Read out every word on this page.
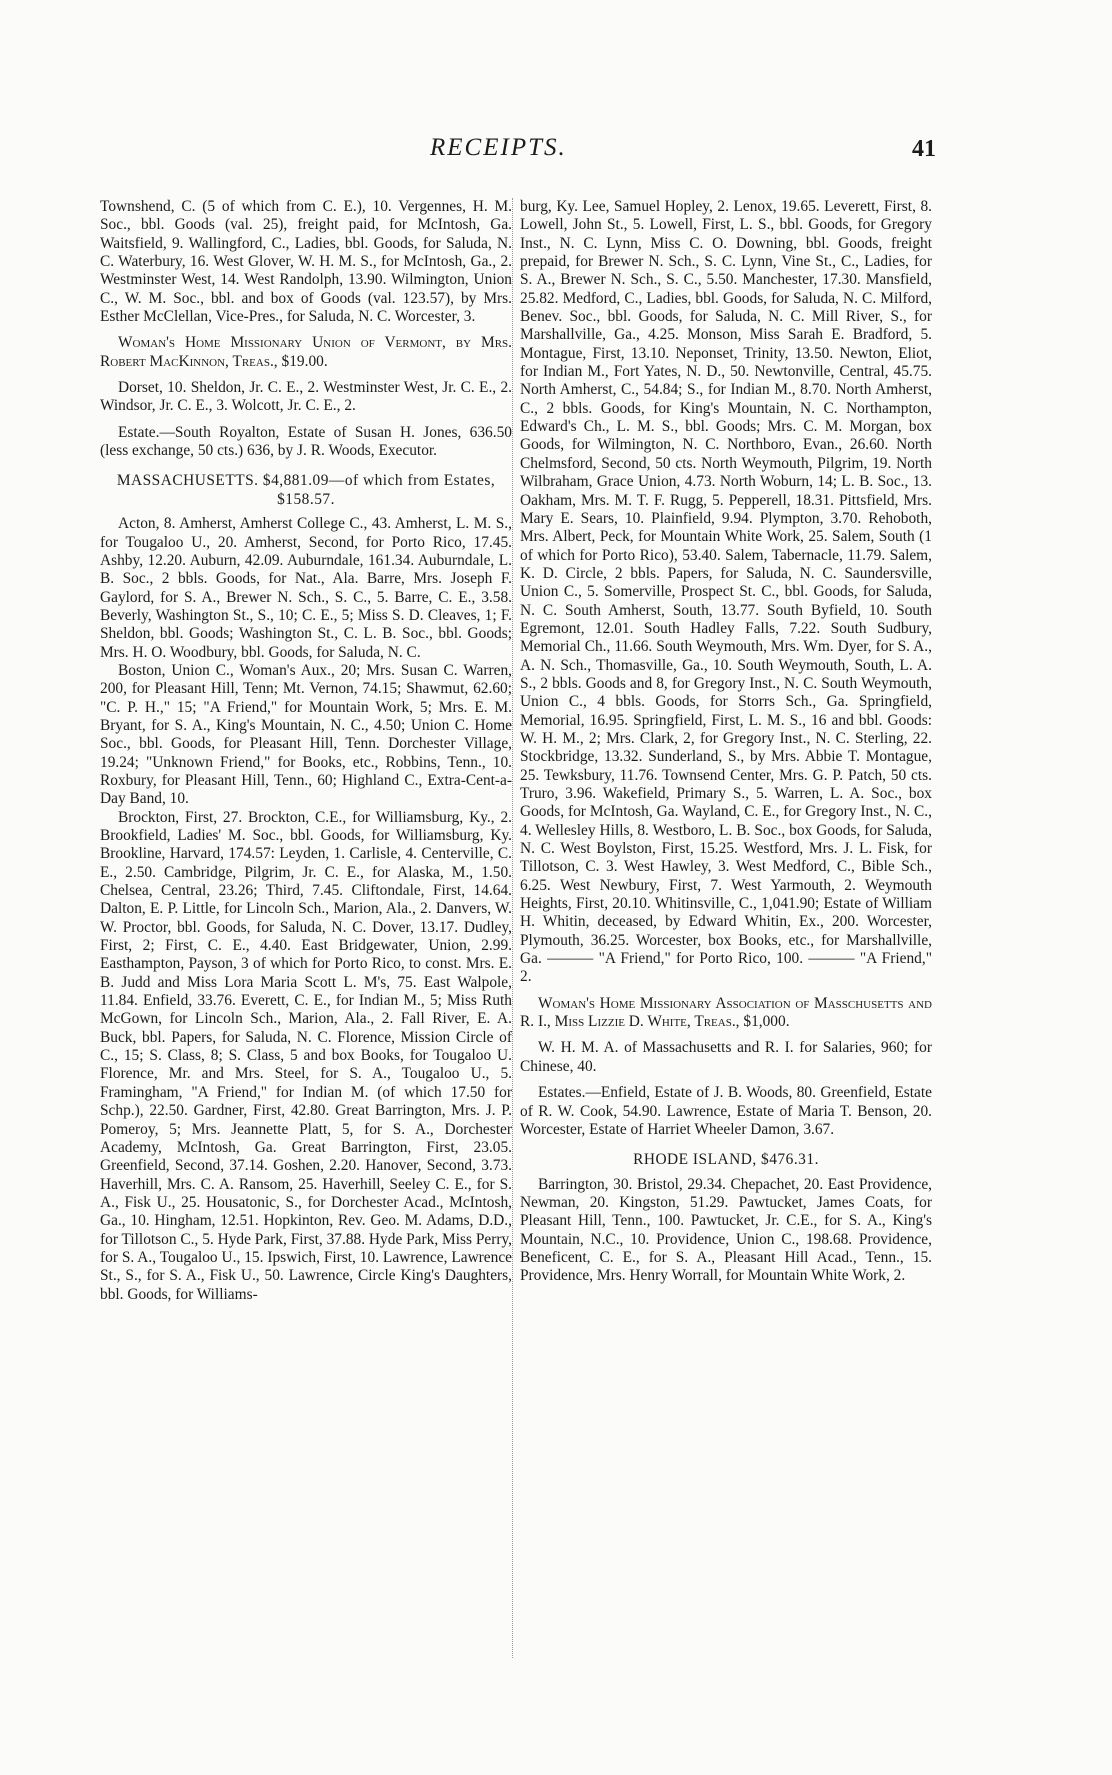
RECEIPTS.	41

Townshend, C. (5 of which from C. E.), 10. Vergennes, H. M. Soc., bbl. Goods (val. 25), freight paid, for McIntosh, Ga. Waitsfield, 9. Wallingford, C., Ladies, bbl. Goods, for Saluda, N. C. Waterbury, 16. West Glover, W. H. M. S., for McIntosh, Ga., 2. Westminster West, 14. West Randolph, 13.90. Wilmington, Union C., W. M. Soc., bbl. and box of Goods (val. 123.57), by Mrs. Esther McClellan, Vice-Pres., for Saluda, N. C. Worcester, 3.

Woman's Home Missionary Union of Vermont, by Mrs. Robert MacKinnon, Treas., $19.00.

Dorset, 10. Sheldon, Jr. C. E., 2. Westminster West, Jr. C. E., 2. Windsor, Jr. C. E., 3. Wolcott, Jr. C. E., 2.

Estate.—South Royalton, Estate of Susan H. Jones, 636.50 (less exchange, 50 cts.) 636, by J. R. Woods, Executor.

MASSACHUSETTS. $4,881.09—of which from Estates, $158.57.

Acton, 8. Amherst, Amherst College C., 43. Amherst, L. M. S., for Tougaloo U., 20. Amherst, Second, for Porto Rico, 17.45. Ashby, 12.20. Auburn, 42.09. Auburndale, 161.34. Auburndale, L. B. Soc., 2 bbls. Goods, for Nat., Ala. Barre, Mrs. Joseph F. Gaylord, for S. A., Brewer N. Sch., S. C., 5. Barre, C. E., 3.58. Beverly, Washington St., S., 10; C. E., 5; Miss S. D. Cleaves, 1; F. Sheldon, bbl. Goods; Washington St., C. L. B. Soc., bbl. Goods; Mrs. H. O. Woodbury, bbl. Goods, for Saluda, N. C.

Boston, Union C., Woman's Aux., 20; Mrs. Susan C. Warren, 200, for Pleasant Hill, Tenn; Mt. Vernon, 74.15; Shawmut, 62.60; "C. P. H.," 15; "A Friend," for Mountain Work, 5; Mrs. E. M. Bryant, for S. A., King's Mountain, N. C., 4.50; Union C. Home Soc., bbl. Goods, for Pleasant Hill, Tenn. Dorchester Village, 19.24; "Unknown Friend," for Books, etc., Robbins, Tenn., 10. Roxbury, for Pleasant Hill, Tenn., 60; Highland C., Extra-Cent-a-Day Band, 10.

Brockton, First, 27. Brockton, C.E., for Williamsburg, Ky., 2. Brookfield, Ladies' M. Soc., bbl. Goods, for Williamsburg, Ky. Brookline, Harvard, 174.57: Leyden, 1. Carlisle, 4. Centerville, C. E., 2.50. Cambridge, Pilgrim, Jr. C. E., for Alaska, M., 1.50. Chelsea, Central, 23.26; Third, 7.45. Cliftondale, First, 14.64. Dalton, E. P. Little, for Lincoln Sch., Marion, Ala., 2. Danvers, W. W. Proctor, bbl. Goods, for Saluda, N. C. Dover, 13.17. Dudley, First, 2; First, C. E., 4.40. East Bridgewater, Union, 2.99. Easthampton, Payson, 3 of which for Porto Rico, to const. Mrs. E. B. Judd and Miss Lora Maria Scott L. M's, 75. East Walpole, 11.84. Enfield, 33.76. Everett, C. E., for Indian M., 5; Miss Ruth McGown, for Lincoln Sch., Marion, Ala., 2. Fall River, E. A. Buck, bbl. Papers, for Saluda, N. C. Florence, Mission Circle of C., 15; S. Class, 8; S. Class, 5 and box Books, for Tougaloo U. Florence, Mr. and Mrs. Steel, for S. A., Tougaloo U., 5. Framingham, "A Friend," for Indian M. (of which 17.50 for Schp.), 22.50. Gardner, First, 42.80. Great Barrington, Mrs. J. P. Pomeroy, 5; Mrs. Jeannette Platt, 5, for S. A., Dorchester Academy, McIntosh, Ga. Great Barrington, First, 23.05. Greenfield, Second, 37.14. Goshen, 2.20. Hanover, Second, 3.73. Haverhill, Mrs. C. A. Ransom, 25. Haverhill, Seeley C. E., for S. A., Fisk U., 25. Housatonic, S., for Dorchester Acad., McIntosh, Ga., 10. Hingham, 12.51. Hopkinton, Rev. Geo. M. Adams, D.D., for Tillotson C., 5. Hyde Park, First, 37.88. Hyde Park, Miss Perry, for S. A., Tougaloo U., 15. Ipswich, First, 10. Lawrence, Lawrence St., S., for S. A., Fisk U., 50. Lawrence, Circle King's Daughters, bbl. Goods, for Williams-

burg, Ky. Lee, Samuel Hopley, 2. Lenox, 19.65. Leverett, First, 8. Lowell, John St., 5. Lowell, First, L. S., bbl. Goods, for Gregory Inst., N. C. Lynn, Miss C. O. Downing, bbl. Goods, freight prepaid, for Brewer N. Sch., S. C. Lynn, Vine St., C., Ladies, for S. A., Brewer N. Sch., S. C., 5.50. Manchester, 17.30. Mansfield, 25.82. Medford, C., Ladies, bbl. Goods, for Saluda, N. C. Milford, Benev. Soc., bbl. Goods, for Saluda, N. C. Mill River, S., for Marshallville, Ga., 4.25. Monson, Miss Sarah E. Bradford, 5. Montague, First, 13.10. Neponset, Trinity, 13.50. Newton, Eliot, for Indian M., Fort Yates, N. D., 50. Newtonville, Central, 45.75. North Amherst, C., 54.84; S., for Indian M., 8.70. North Amherst, C., 2 bbls. Goods, for King's Mountain, N. C. Northampton, Edward's Ch., L. M. S., bbl. Goods; Mrs. C. M. Morgan, box Goods, for Wilmington, N. C. Northboro, Evan., 26.60. North Chelmsford, Second, 50 cts. North Weymouth, Pilgrim, 19. North Wilbraham, Grace Union, 4.73. North Woburn, 14; L. B. Soc., 13. Oakham, Mrs. M. T. F. Rugg, 5. Pepperell, 18.31. Pittsfield, Mrs. Mary E. Sears, 10. Plainfield, 9.94. Plympton, 3.70. Rehoboth, Mrs. Albert, Peck, for Mountain White Work, 25. Salem, South (1 of which for Porto Rico), 53.40. Salem, Tabernacle, 11.79. Salem, K. D. Circle, 2 bbls. Papers, for Saluda, N. C. Saundersville, Union C., 5. Somerville, Prospect St. C., bbl. Goods, for Saluda, N. C. South Amherst, South, 13.77. South Byfield, 10. South Egremont, 12.01. South Hadley Falls, 7.22. South Sudbury, Memorial Ch., 11.66. South Weymouth, Mrs. Wm. Dyer, for S. A., A. N. Sch., Thomasville, Ga., 10. South Weymouth, South, L. A. S., 2 bbls. Goods and 8, for Gregory Inst., N. C. South Weymouth, Union C., 4 bbls. Goods, for Storrs Sch., Ga. Springfield, Memorial, 16.95. Springfield, First, L. M. S., 16 and bbl. Goods: W. H. M., 2; Mrs. Clark, 2, for Gregory Inst., N. C. Sterling, 22. Stockbridge, 13.32. Sunderland, S., by Mrs. Abbie T. Montague, 25. Tewksbury, 11.76. Townsend Center, Mrs. G. P. Patch, 50 cts. Truro, 3.96. Wakefield, Primary S., 5. Warren, L. A. Soc., box Goods, for McIntosh, Ga. Wayland, C. E., for Gregory Inst., N. C., 4. Wellesley Hills, 8. Westboro, L. B. Soc., box Goods, for Saluda, N. C. West Boylston, First, 15.25. Westford, Mrs. J. L. Fisk, for Tillotson, C. 3. West Hawley, 3. West Medford, C., Bible Sch., 6.25. West Newbury, First, 7. West Yarmouth, 2. Weymouth Heights, First, 20.10. Whitinsville, C., 1,041.90; Estate of William H. Whitin, deceased, by Edward Whitin, Ex., 200. Worcester, Plymouth, 36.25. Worcester, box Books, etc., for Marshallville, Ga. ——— "A Friend," for Porto Rico, 100. ——— "A Friend," 2.

Woman's Home Missionary Association of Masschusetts and R. I., Miss Lizzie D. White, Treas., $1,000.

W. H. M. A. of Massachusetts and R. I. for Salaries, 960; for Chinese, 40.

Estates.—Enfield, Estate of J. B. Woods, 80. Greenfield, Estate of R. W. Cook, 54.90. Lawrence, Estate of Maria T. Benson, 20. Worcester, Estate of Harriet Wheeler Damon, 3.67.

RHODE ISLAND, $476.31.

Barrington, 30. Bristol, 29.34. Chepachet, 20. East Providence, Newman, 20. Kingston, 51.29. Pawtucket, James Coats, for Pleasant Hill, Tenn., 100. Pawtucket, Jr. C.E., for S. A., King's Mountain, N.C., 10. Providence, Union C., 198.68. Providence, Beneficent, C. E., for S. A., Pleasant Hill Acad., Tenn., 15. Providence, Mrs. Henry Worrall, for Mountain White Work, 2.
